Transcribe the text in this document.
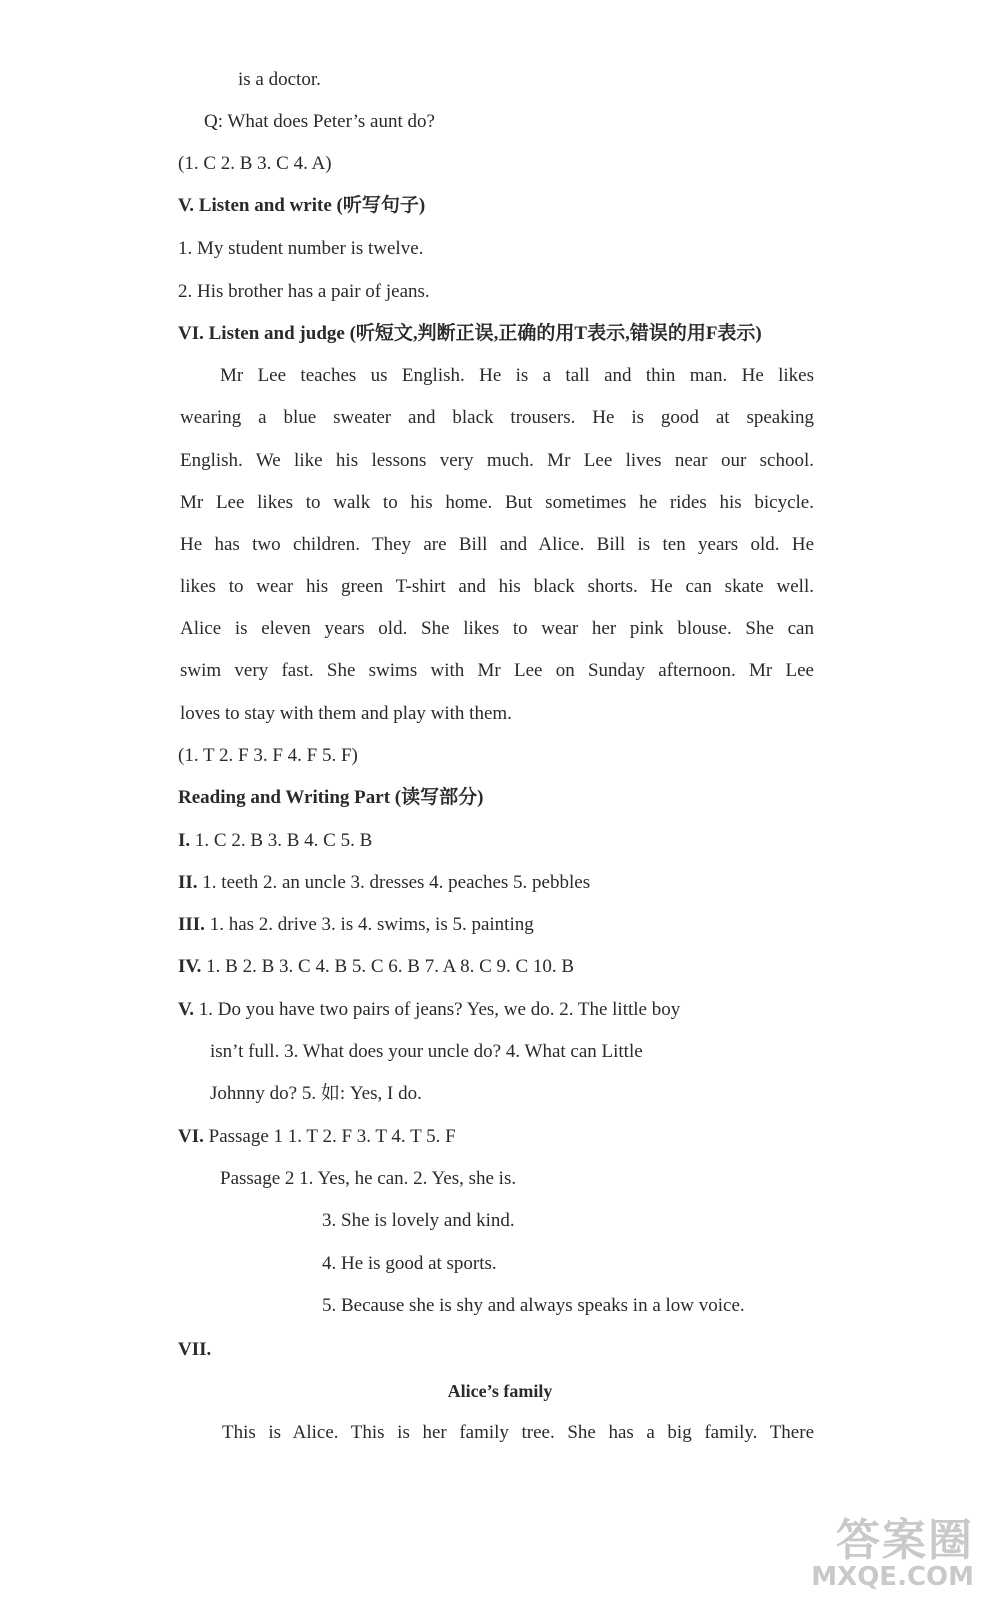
is a doctor.
Q: What does Peter’s aunt do?
(1. C 2. B 3. C 4. A)
V. Listen and write (听写句子)
1. My student number is twelve.
2. His brother has a pair of jeans.
VI. Listen and judge (听短文,判断正误,正确的用T表示,错误的用F表示)
Mr Lee teaches us English. He is a tall and thin man. He likes
wearing a blue sweater and black trousers. He is good at speaking
English. We like his lessons very much. Mr Lee lives near our school.
Mr Lee likes to walk to his home. But sometimes he rides his bicycle.
He has two children. They are Bill and Alice. Bill is ten years old. He
likes to wear his green T-shirt and his black shorts. He can skate well.
Alice is eleven years old. She likes to wear her pink blouse. She can
swim very fast. She swims with Mr Lee on Sunday afternoon. Mr Lee
loves to stay with them and play with them.
(1. T 2. F 3. F 4. F 5. F)
Reading and Writing Part (读写部分)
I. 1. C 2. B 3. B 4. C 5. B
II. 1. teeth 2. an uncle 3. dresses 4. peaches 5. pebbles
III. 1. has 2. drive 3. is 4. swims, is 5. painting
IV. 1. B 2. B 3. C 4. B 5. C 6. B 7. A 8. C 9. C 10. B
V. 1. Do you have two pairs of jeans? Yes, we do. 2. The little boy
isn’t full. 3. What does your uncle do? 4. What can Little
Johnny do? 5. 如: Yes, I do.
VI. Passage 1 1. T 2. F 3. T 4. T 5. F
Passage 2 1. Yes, he can. 2. Yes, she is.
3. She is lovely and kind.
4. He is good at sports.
5. Because she is shy and always speaks in a low voice.
VII.
Alice’s family
This is Alice. This is her family tree. She has a big family. There
答案圈
MXQE.COM
